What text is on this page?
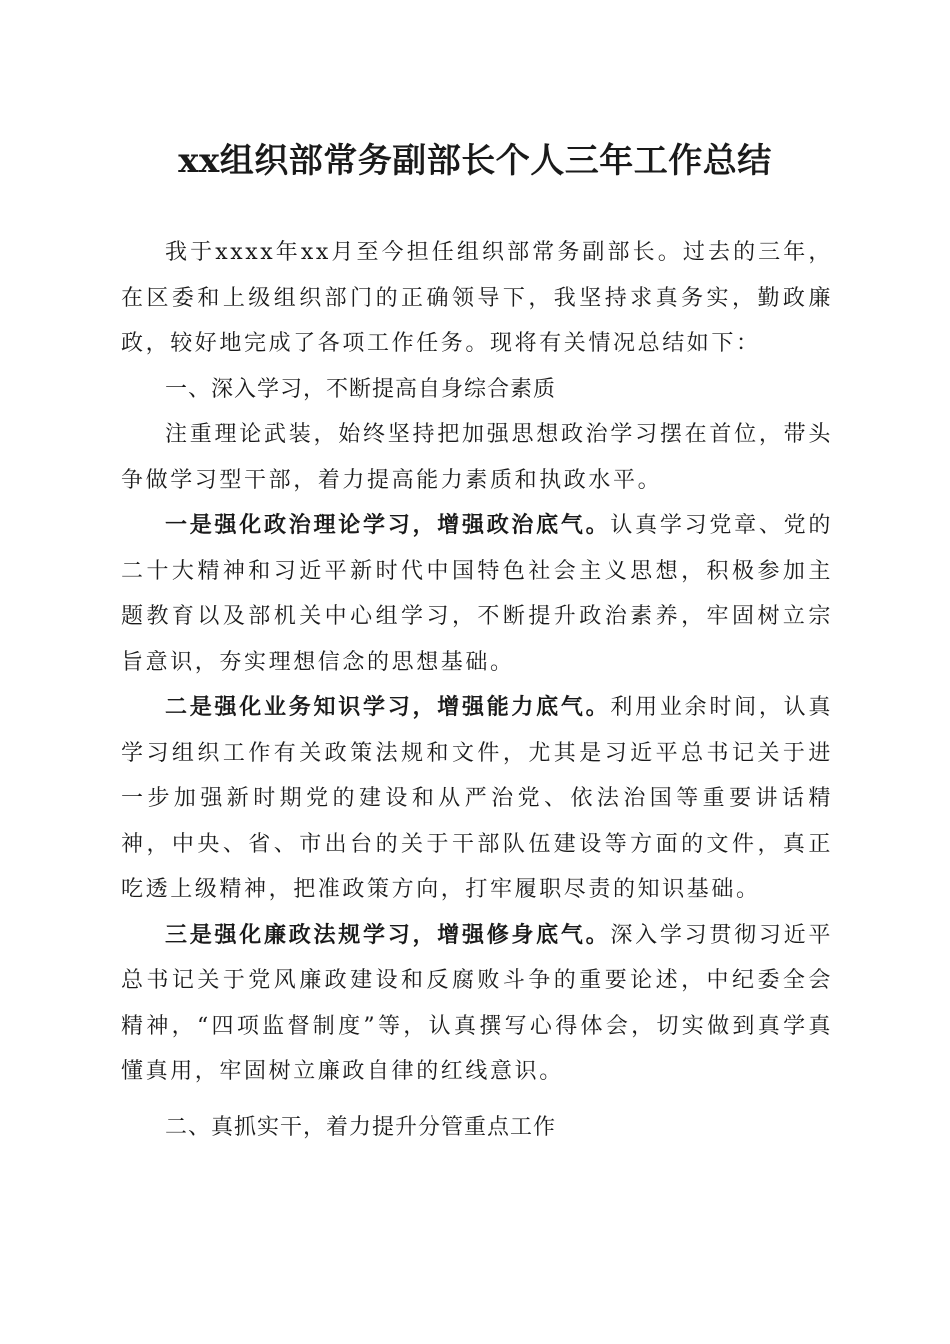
xx组织部常务副部长个人三年工作总结

我于xxxx年xx月至今担任组织部常务副部长。过去的三年，在区委和上级组织部门的正确领导下，我坚持求真务实，勤政廉政，较好地完成了各项工作任务。现将有关情况总结如下：

一、深入学习，不断提高自身综合素质

注重理论武装，始终坚持把加强思想政治学习摆在首位，带头争做学习型干部，着力提高能力素质和执政水平。

一是强化政治理论学习，增强政治底气。认真学习党章、党的二十大精神和习近平新时代中国特色社会主义思想，积极参加主题教育以及部机关中心组学习，不断提升政治素养，牢固树立宗旨意识，夯实理想信念的思想基础。

二是强化业务知识学习，增强能力底气。利用业余时间，认真学习组织工作有关政策法规和文件，尤其是习近平总书记关于进一步加强新时期党的建设和从严治党、依法治国等重要讲话精神，中央、省、市出台的关于干部队伍建设等方面的文件，真正吃透上级精神，把准政策方向，打牢履职尽责的知识基础。

三是强化廉政法规学习，增强修身底气。深入学习贯彻习近平总书记关于党风廉政建设和反腐败斗争的重要论述，中纪委全会精神，“四项监督制度”等，认真撰写心得体会，切实做到真学真懂真用，牢固树立廉政自律的红线意识。

二、真抓实干，着力提升分管重点工作
